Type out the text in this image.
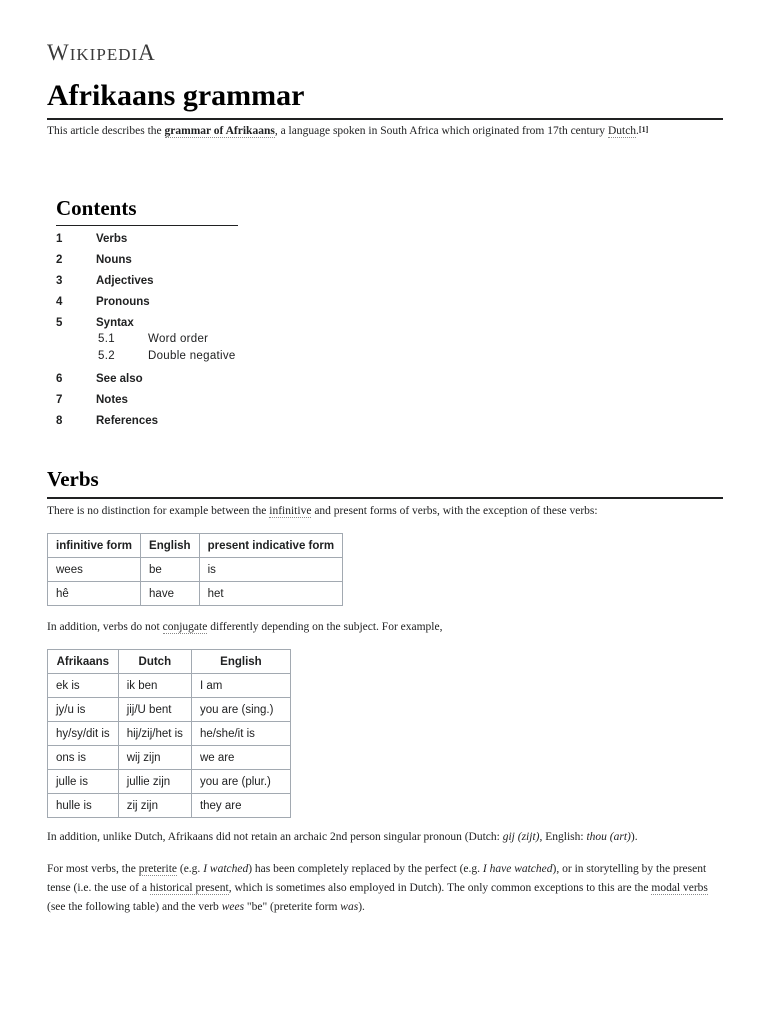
WIKIPEDIA
Afrikaans grammar

This article describes the grammar of Afrikaans, a language spoken in South Africa which originated from 17th century Dutch.[1]

Contents
1	Verbs
2	Nouns
3	Adjectives
4	Pronouns
5	Syntax
5.1	Word order
5.2	Double negative
6	See also
7	Notes
8	References
Verbs

There is no distinction for example between the infinitive and present forms of verbs, with the exception of these verbs:

infinitive form	English	present indicative form
wees	be	is
hê	have	het

In addition, verbs do not conjugate differently depending on the subject. For example,

Afrikaans	Dutch	English
ek is	ik ben	I am
jy/u is	jij/U bent	you are (sing.)
hy/sy/dit is	hij/zij/het is	he/she/it is
ons is	wij zijn	we are
julle is	jullie zijn	you are (plur.)
hulle is	zij zijn	they are

In addition, unlike Dutch, Afrikaans did not retain an archaic 2nd person singular pronoun (Dutch: gij (zijt), English: thou (art)).

For most verbs, the preterite (e.g. I watched) has been completely replaced by the perfect (e.g. I have watched), or in storytelling by the present tense (i.e. the use of a historical present, which is sometimes also employed in Dutch). The only common exceptions to this are the modal verbs (see the following table) and the verb wees "be" (preterite form was).
